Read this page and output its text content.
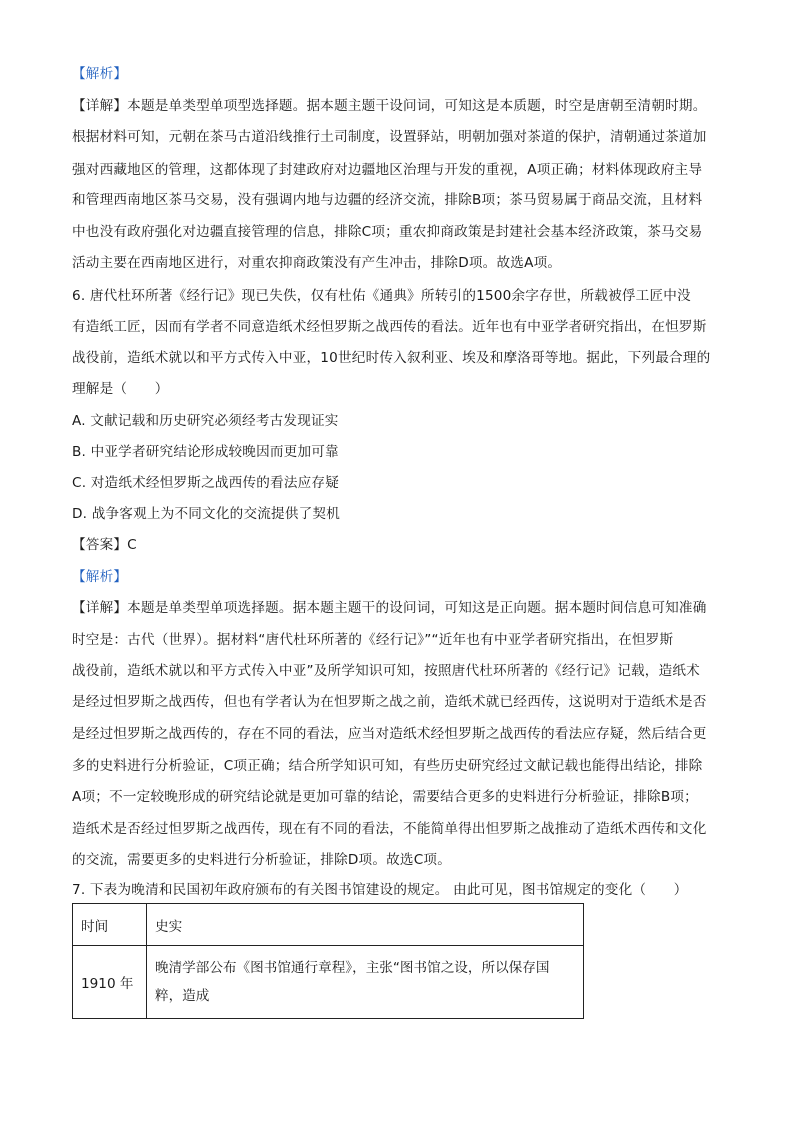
【解析】
【详解】本题是单类型单项型选择题。据本题主题干设问词，可知这是本质题，时空是唐朝至清朝时期。
根据材料可知，元朝在茶马古道沿线推行土司制度，设置驿站，明朝加强对茶道的保护，清朝通过茶道加
强对西藏地区的管理，这都体现了封建政府对边疆地区治理与开发的重视，A项正确；材料体现政府主导
和管理西南地区茶马交易，没有强调内地与边疆的经济交流，排除B项；茶马贸易属于商品交流，且材料
中也没有政府强化对边疆直接管理的信息，排除C项；重农抑商政策是封建社会基本经济政策，茶马交易
活动主要在西南地区进行，对重农抑商政策没有产生冲击，排除D项。故选A项。
6. 唐代杜环所著《经行记》现已失佚，仅有杜佑《通典》所转引的1500余字存世，所载被俘工匠中没
有造纸工匠，因而有学者不同意造纸术经怛罗斯之战西传的看法。近年也有中亚学者研究指出，在怛罗斯
战役前，造纸术就以和平方式传入中亚，10世纪时传入叙利亚、埃及和摩洛哥等地。据此，下列最合理的
理解是（　　）
A. 文献记载和历史研究必须经考古发现证实
B. 中亚学者研究结论形成较晚因而更加可靠
C. 对造纸术经怛罗斯之战西传的看法应存疑
D. 战争客观上为不同文化的交流提供了契机
【答案】C
【解析】
【详解】本题是单类型单项选择题。据本题主题干的设问词，可知这是正向题。据本题时间信息可知准确
时空是：古代（世界）。据材料“唐代杜环所著的《经行记》”“近年也有中亚学者研究指出，在怛罗斯
战役前，造纸术就以和平方式传入中亚”及所学知识可知，按照唐代杜环所著的《经行记》记载，造纸术
是经过怛罗斯之战西传，但也有学者认为在怛罗斯之战之前，造纸术就已经西传，这说明对于造纸术是否
是经过怛罗斯之战西传的，存在不同的看法，应当对造纸术经怛罗斯之战西传的看法应存疑，然后结合更
多的史料进行分析验证，C项正确；结合所学知识可知，有些历史研究经过文献记载也能得出结论，排除
A项；不一定较晚形成的研究结论就是更加可靠的结论，需要结合更多的史料进行分析验证，排除B项；
造纸术是否经过怛罗斯之战西传，现在有不同的看法，不能简单得出怛罗斯之战推动了造纸术西传和文化
的交流，需要更多的史料进行分析验证，排除D项。故选C项。
7. 下表为晚清和民国初年政府颁布的有关图书馆建设的规定。 由此可见，图书馆规定的变化（　　）
时间	史实
1910 年	晚清学部公布《图书馆通行章程》，主张“图书馆之设，所以保存国粹，造成
